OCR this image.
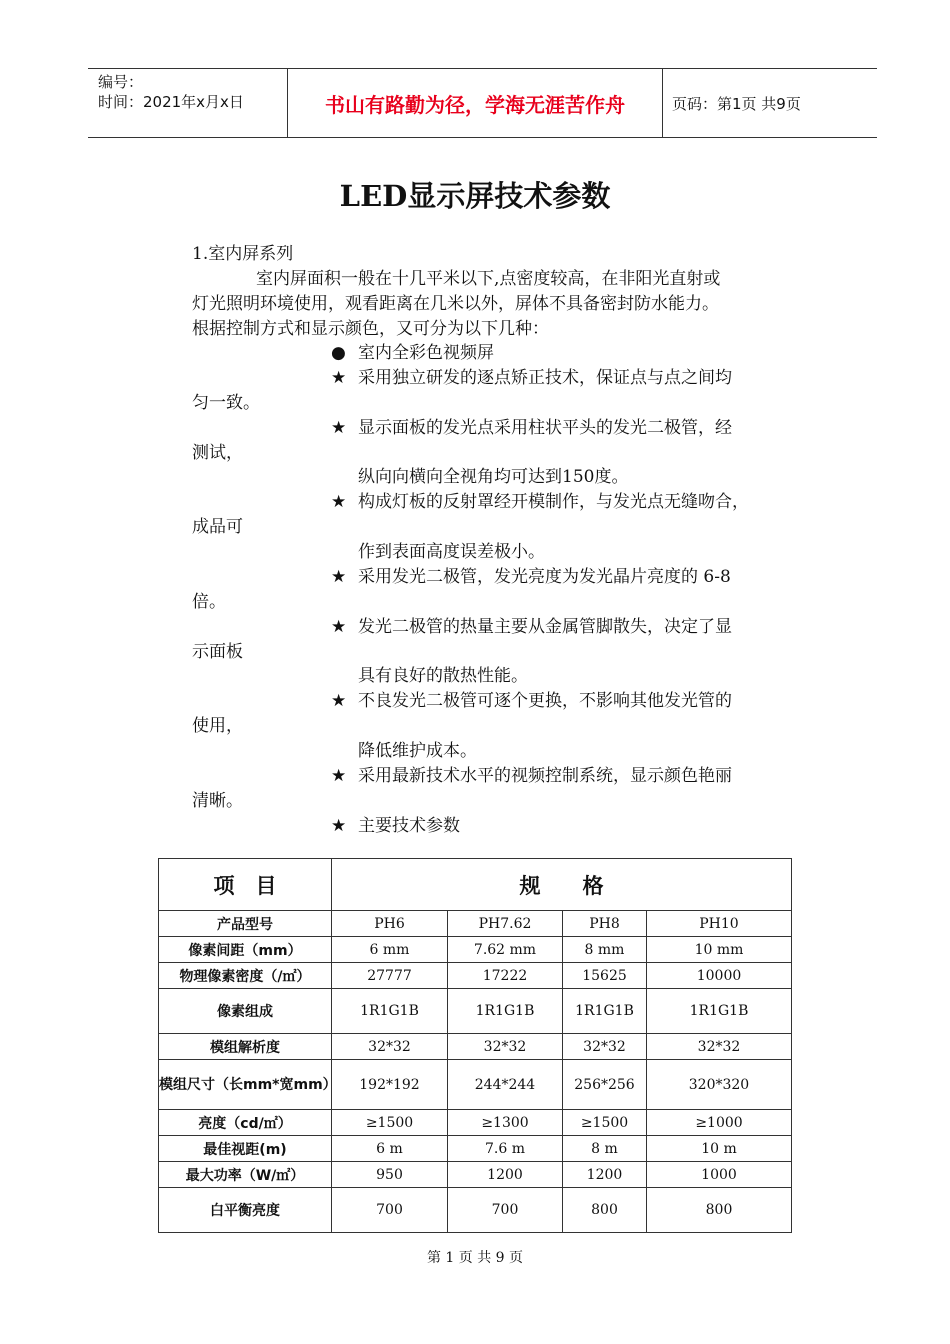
编号：
时间：2021年x月x日	书山有路勤为径，学海无涯苦作舟	页码：第1页 共9页
LED显示屏技术参数
1.室内屏系列
室内屏面积一般在十几平米以下,点密度较高，在非阳光直射或
灯光照明环境使用，观看距离在几米以外，屏体不具备密封防水能力。
根据控制方式和显示颜色，又可分为以下几种：
● 室内全彩色视频屏
★ 采用独立研发的逐点矫正技术，保证点与点之间均
匀一致。
★ 显示面板的发光点采用柱状平头的发光二极管，经
测试，
纵向向横向全视角均可达到150度。
★ 构成灯板的反射罩经开模制作，与发光点无缝吻合，
成品可
作到表面高度误差极小。
★ 采用发光二极管，发光亮度为发光晶片亮度的 6-8
倍。
★ 发光二极管的热量主要从金属管脚散失，决定了显
示面板
具有良好的散热性能。
★ 不良发光二极管可逐个更换，不影响其他发光管的
使用，
降低维护成本。
★ 采用最新技术水平的视频控制系统，显示颜色艳丽
清晰。
★ 主要技术参数
项　目	规　　格			
产品型号	PH6	PH7.62	PH8	PH10
像素间距（mm）	6 mm	7.62 mm	8 mm	10 mm
物理像素密度（/㎡）	27777	17222	15625	10000
像素组成	1R1G1B	1R1G1B	1R1G1B	1R1G1B
模组解析度	32*32	32*32	32*32	32*32
模组尺寸（长mm*宽mm）	192*192	244*244	256*256	320*320
亮度（cd/㎡）	≥1500	≥1300	≥1500	≥1000
最佳视距(m)	6 m	7.6 m	8 m	10 m
最大功率（W/㎡）	950	1200	1200	1000
白平衡亮度	700	700	800	800
第 1 页 共 9 页
